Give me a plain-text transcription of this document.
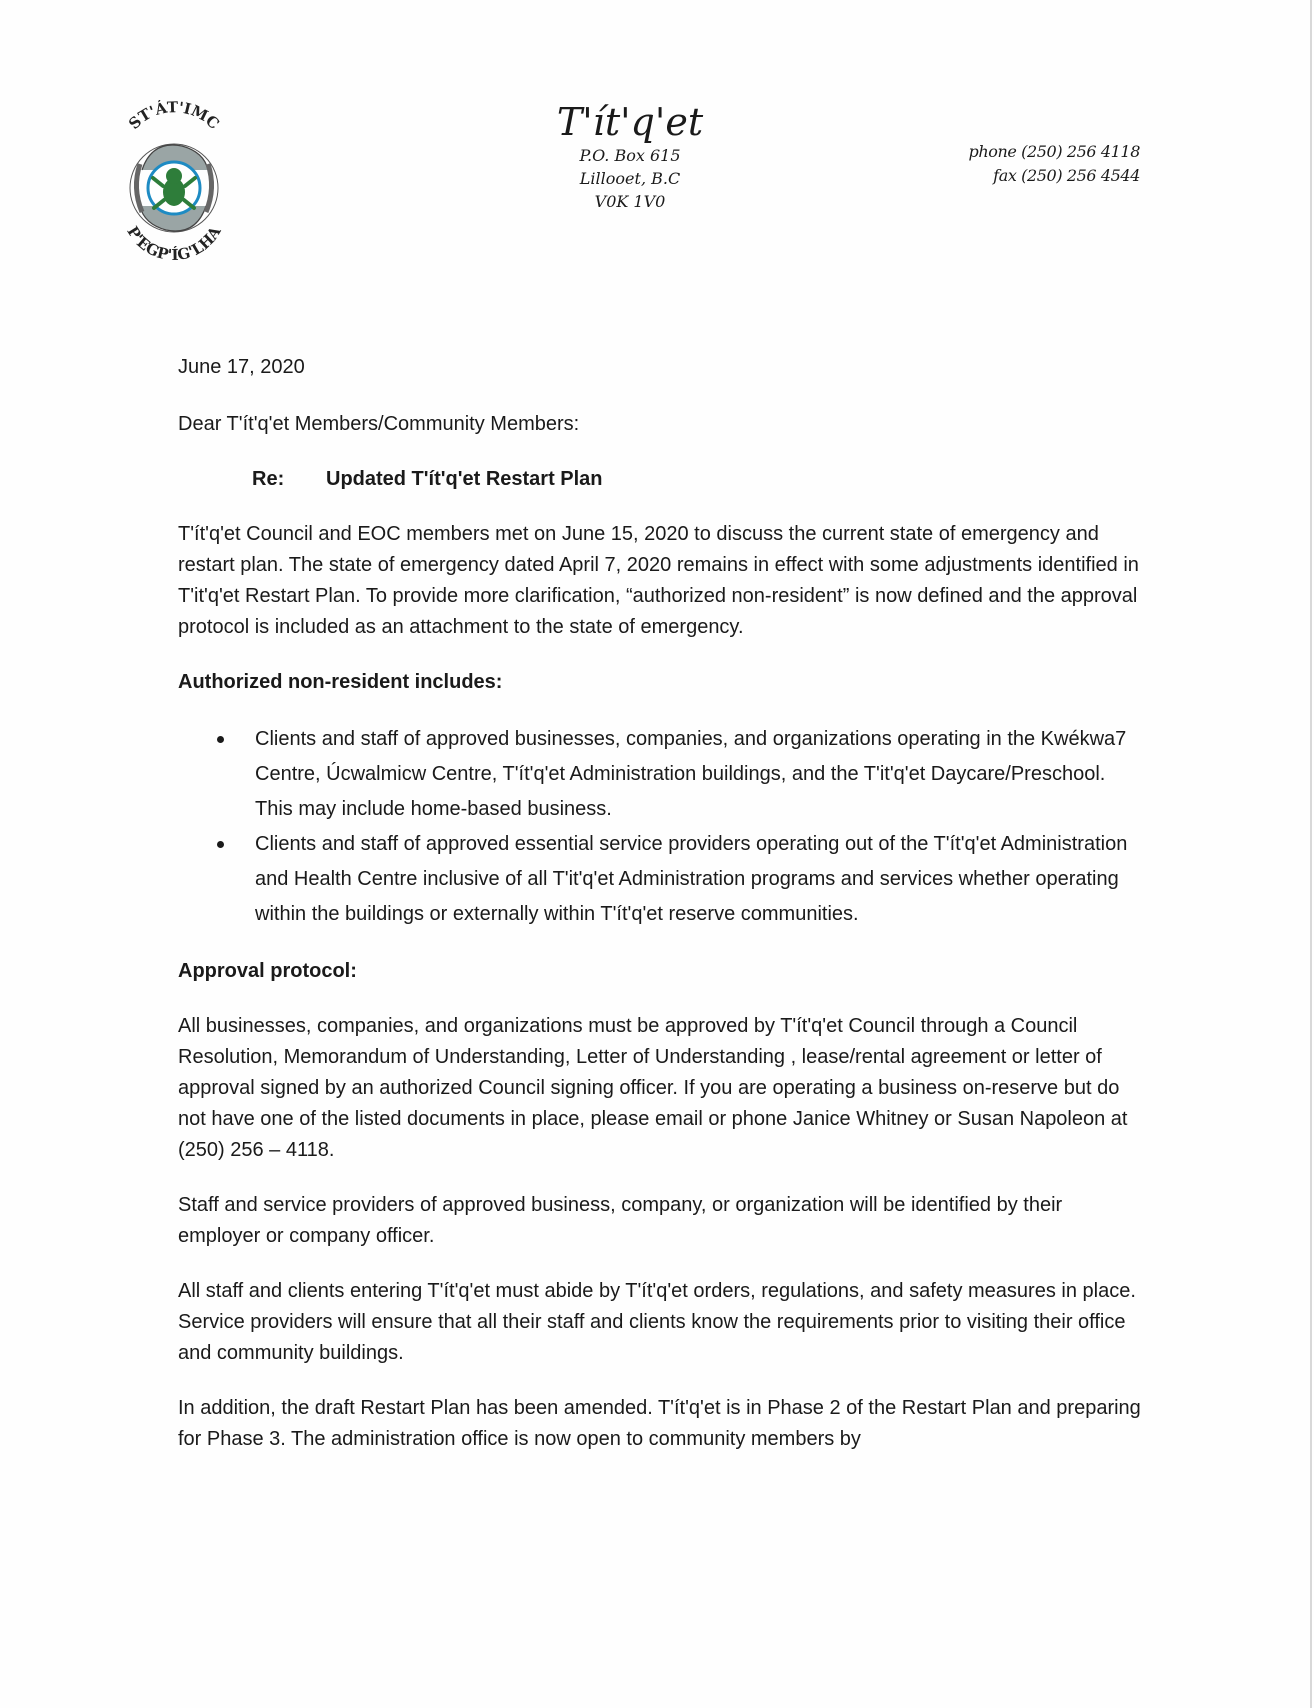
ST'ÁT'IMC
P'EGP'ÍG'LHA
T'ít'q'et
P.O. Box 615
Lillooet, B.C
V0K 1V0
phone (250) 256 4118
fax (250) 256 4544

June 17, 2020

Dear T'ít'q'et Members/Community Members:

Re: Updated T'ít'q'et Restart Plan

T'ít'q'et Council and EOC members met on June 15, 2020 to discuss the current state of emergency and restart plan. The state of emergency dated April 7, 2020 remains in effect with some adjustments identified in T'it'q'et Restart Plan. To provide more clarification, “authorized non-resident” is now defined and the approval protocol is included as an attachment to the state of emergency.

Authorized non-resident includes:

Clients and staff of approved businesses, companies, and organizations operating in the Kwékwa7 Centre, Úcwalmicw Centre, T'ít'q'et Administration buildings, and the T'it'q'et Daycare/Preschool. This may include home-based business.
Clients and staff of approved essential service providers operating out of the T'ít'q'et Administration and Health Centre inclusive of all T'it'q'et Administration programs and services whether operating within the buildings or externally within T'ít'q'et reserve communities.

Approval protocol:

All businesses, companies, and organizations must be approved by T'ít'q'et Council through a Council Resolution, Memorandum of Understanding, Letter of Understanding , lease/rental agreement or letter of approval signed by an authorized Council signing officer. If you are operating a business on-reserve but do not have one of the listed documents in place, please email or phone Janice Whitney or Susan Napoleon at (250) 256 – 4118.

Staff and service providers of approved business, company, or organization will be identified by their employer or company officer.

All staff and clients entering T'ít'q'et must abide by T'ít'q'et orders, regulations, and safety measures in place. Service providers will ensure that all their staff and clients know the requirements prior to visiting their office and community buildings.

In addition, the draft Restart Plan has been amended. T'ít'q'et is in Phase 2 of the Restart Plan and preparing for Phase 3. The administration office is now open to community members by
